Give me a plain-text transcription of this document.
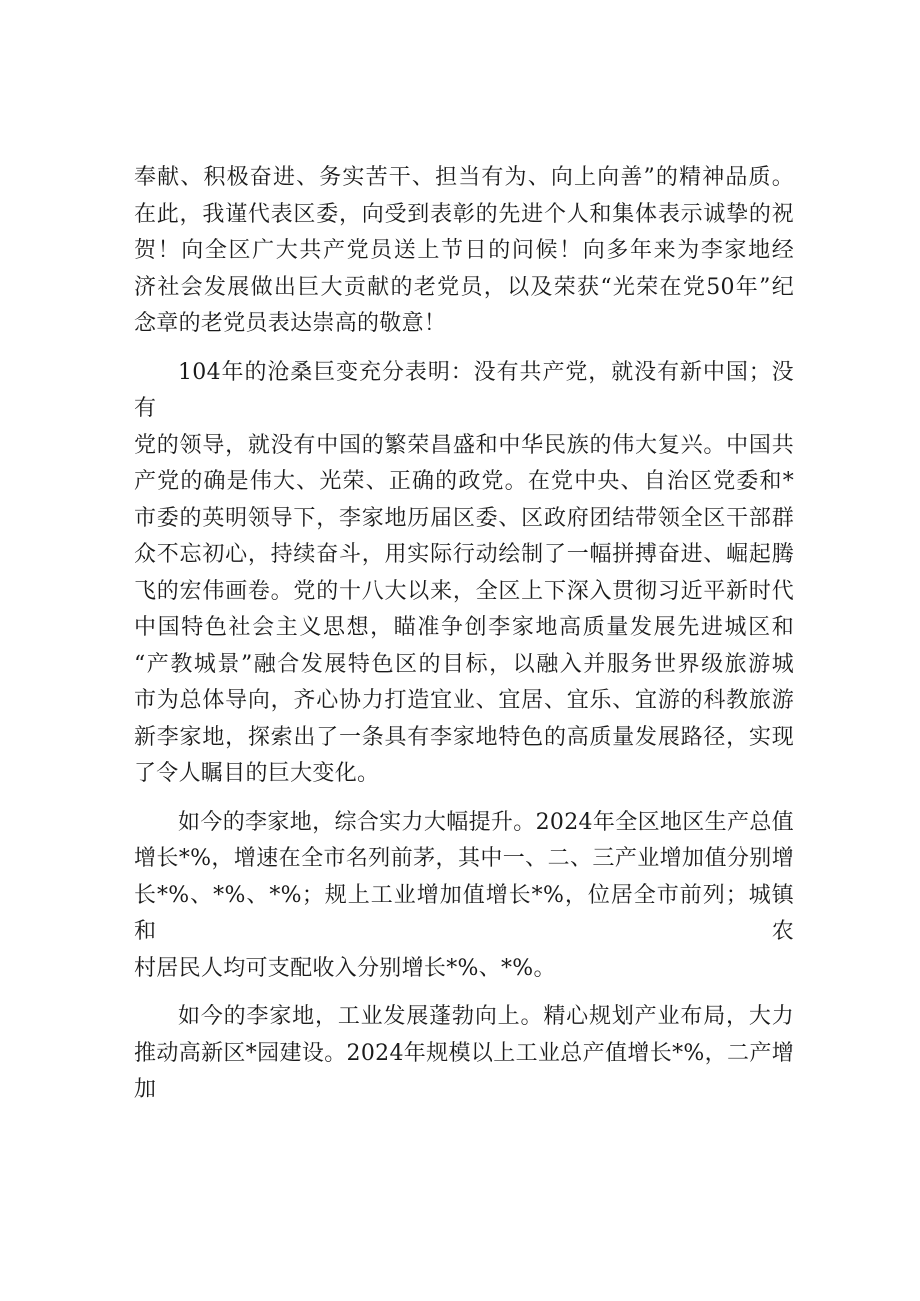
奉献、积极奋进、务实苦干、担当有为、向上向善”的精神品质。
在此，我谨代表区委，向受到表彰的先进个人和集体表示诚挚的祝
贺！向全区广大共产党员送上节日的问候！向多年来为李家地经
济社会发展做出巨大贡献的老党员，以及荣获“光荣在党50年”纪
念章的老党员表达崇高的敬意！
104年的沧桑巨变充分表明：没有共产党，就没有新中国；没有
党的领导，就没有中国的繁荣昌盛和中华民族的伟大复兴。中国共
产党的确是伟大、光荣、正确的政党。在党中央、自治区党委和*
市委的英明领导下，李家地历届区委、区政府团结带领全区干部群
众不忘初心，持续奋斗，用实际行动绘制了一幅拼搏奋进、崛起腾
飞的宏伟画卷。党的十八大以来，全区上下深入贯彻习近平新时代
中国特色社会主义思想，瞄准争创李家地高质量发展先进城区和
“产教城景”融合发展特色区的目标，以融入并服务世界级旅游城
市为总体导向，齐心协力打造宜业、宜居、宜乐、宜游的科教旅游
新李家地，探索出了一条具有李家地特色的高质量发展路径，实现
了令人瞩目的巨大变化。
如今的李家地，综合实力大幅提升。2024年全区地区生产总值
增长*%，增速在全市名列前茅，其中一、二、三产业增加值分别增
长*%、*%、*%；规上工业增加值增长*%，位居全市前列；城镇和农
村居民人均可支配收入分别增长*%、*%。
如今的李家地，工业发展蓬勃向上。精心规划产业布局，大力
推动高新区*园建设。2024年规模以上工业总产值增长*%，二产增加
